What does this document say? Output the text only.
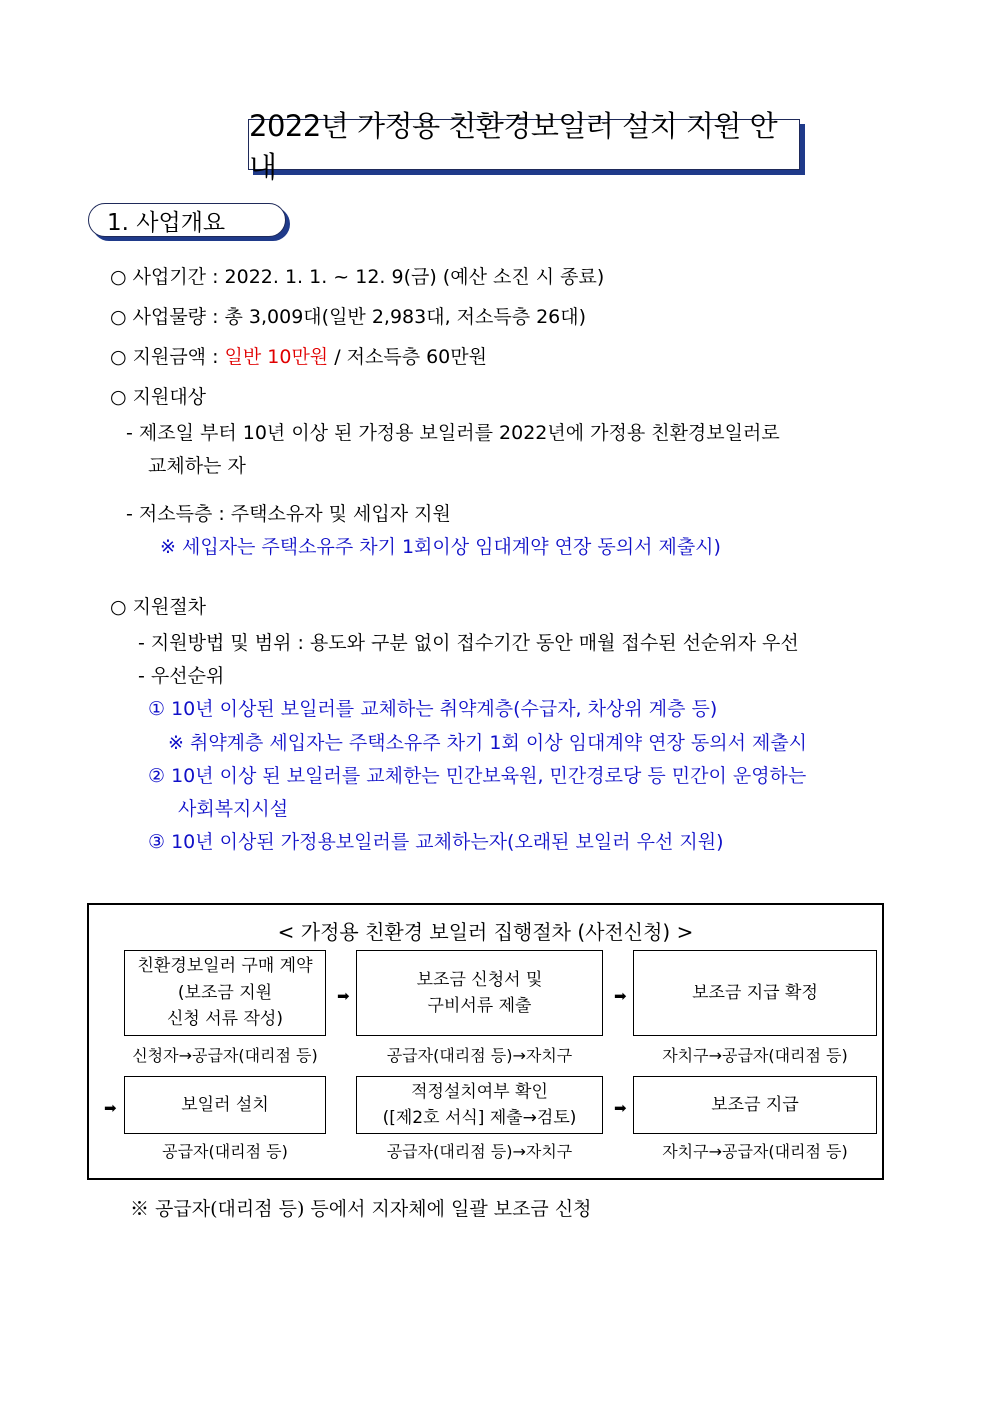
2022년 가정용 친환경보일러 설치 지원 안내
1. 사업개요
○ 사업기간 : 2022. 1. 1. ~ 12. 9(금) (예산 소진 시 종료)
○ 사업물량 : 총 3,009대(일반 2,983대, 저소득층 26대)
○ 지원금액 : 일반 10만원 / 저소득층 60만원
○ 지원대상
- 제조일 부터 10년 이상 된 가정용 보일러를 2022년에 가정용 친환경보일러로
교체하는 자
- 저소득층 : 주택소유자 및 세입자 지원
※ 세입자는 주택소유주 차기 1회이상 임대계약 연장 동의서 제출시)
○ 지원절차
- 지원방법 및 범위 : 용도와 구분 없이 접수기간 동안 매월 접수된 선순위자 우선
- 우선순위
① 10년 이상된 보일러를 교체하는 취약계층(수급자, 차상위 계층 등)
※ 취약계층 세입자는 주택소유주 차기 1회 이상 임대계약 연장 동의서 제출시
② 10년 이상 된 보일러를 교체한는 민간보육원, 민간경로당 등 민간이 운영하는
사회복지시설
③ 10년 이상된 가정용보일러를 교체하는자(오래된 보일러 우선 지원)
< 가정용 친환경 보일러 집행절차 (사전신청) >
친환경보일러 구매 계약
(보조금 지원
신청 서류 작성)
➡
보조금 신청서 및
구비서류 제출	➡	보조금 지급 확정
신청자→공급자(대리점 등)	공급자(대리점 등)→자치구	자치구→공급자(대리점 등)
➡	보일러 설치
적정설치여부 확인
([제2호 서식] 제출→검토)	➡	보조금 지급
공급자(대리점 등)	공급자(대리점 등)→자치구	자치구→공급자(대리점 등)
※ 공급자(대리점 등) 등에서 지자체에 일괄 보조금 신청
